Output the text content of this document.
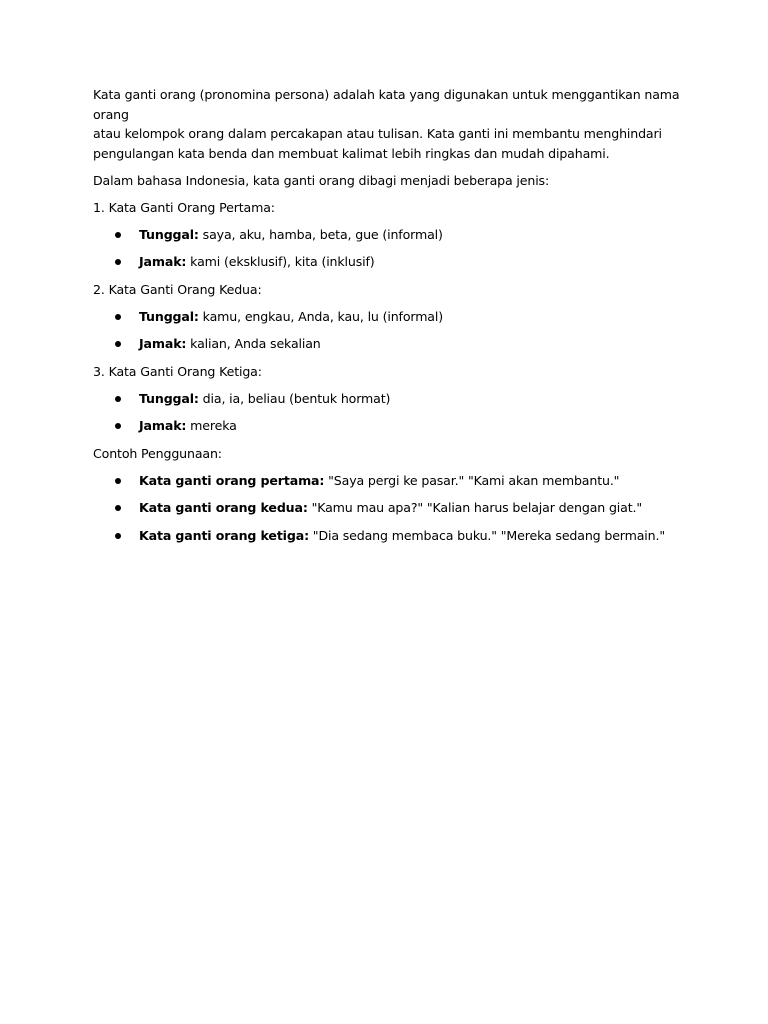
Kata ganti orang (pronomina persona) adalah kata yang digunakan untuk menggantikan nama orang
atau kelompok orang dalam percakapan atau tulisan. Kata ganti ini membantu menghindari
pengulangan kata benda dan membuat kalimat lebih ringkas dan mudah dipahami.
Dalam bahasa Indonesia, kata ganti orang dibagi menjadi beberapa jenis:
1. Kata Ganti Orang Pertama:
Tunggal: saya, aku, hamba, beta, gue (informal)
Jamak: kami (eksklusif), kita (inklusif)
2. Kata Ganti Orang Kedua:
Tunggal: kamu, engkau, Anda, kau, lu (informal)
Jamak: kalian, Anda sekalian
3. Kata Ganti Orang Ketiga:
Tunggal: dia, ia, beliau (bentuk hormat)
Jamak: mereka
Contoh Penggunaan:
Kata ganti orang pertama: "Saya pergi ke pasar." "Kami akan membantu."
Kata ganti orang kedua: "Kamu mau apa?" "Kalian harus belajar dengan giat."
Kata ganti orang ketiga: "Dia sedang membaca buku." "Mereka sedang bermain."
